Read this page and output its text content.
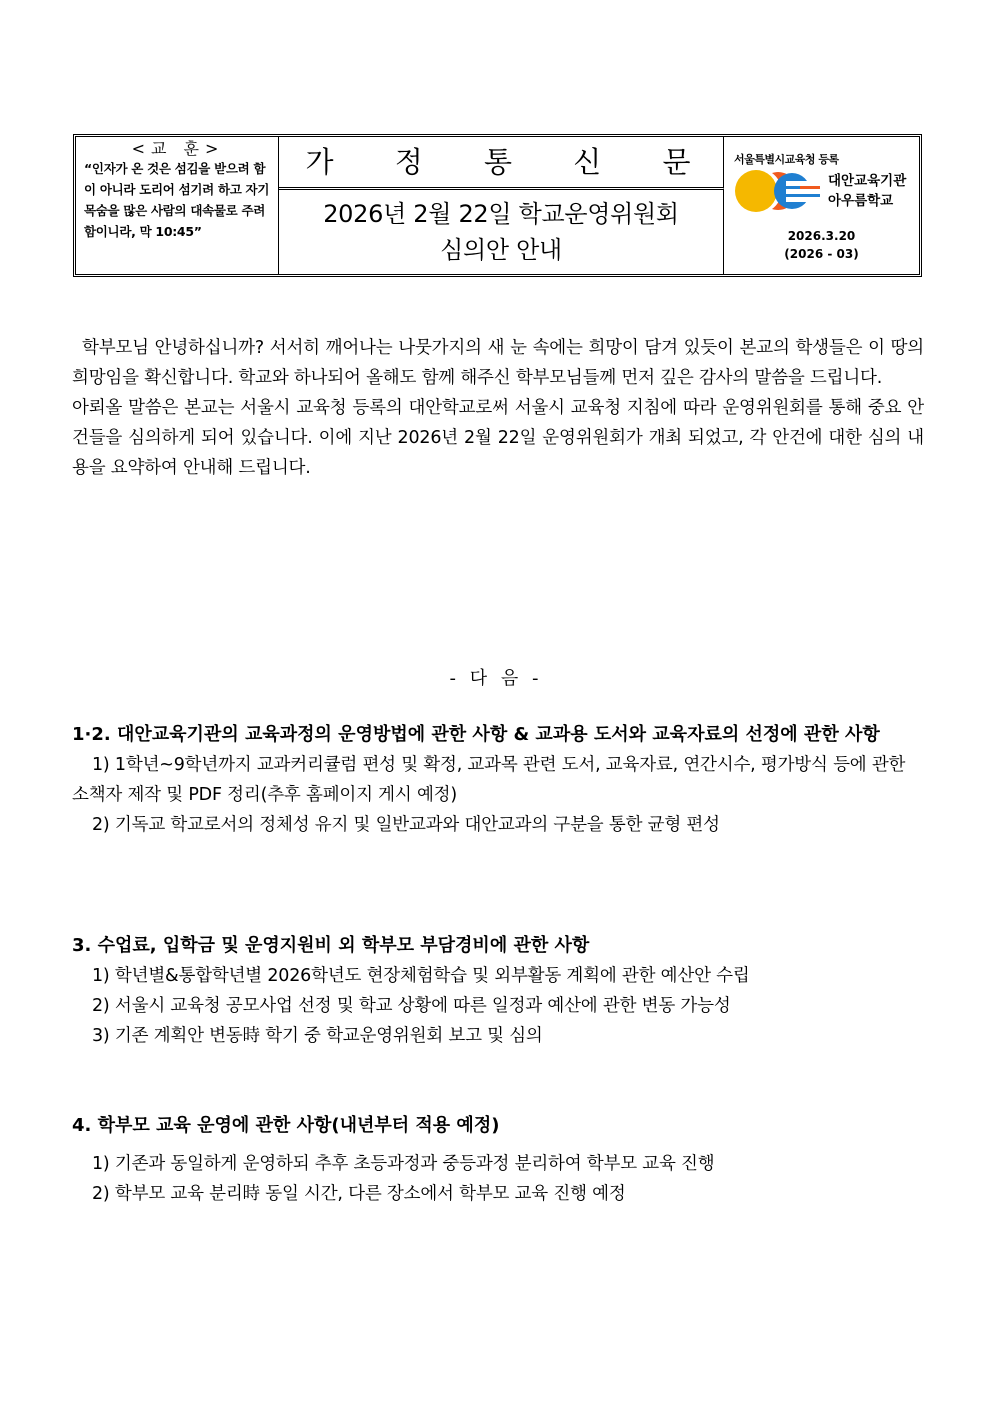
<교 훈>
“인자가 온 것은 섬김을 받으려 함이 아니라 도리어 섬기려 하고 자기 목숨을 많은 사람의 대속물로 주려 함이니라, 막 10:45”
가 정 통 신 문
2026년 2월 22일 학교운영위원회
심의안 안내
서울특별시교육청 등록
대안교육기관
아우름학교
2026.3.20
(2026 - 03)

학부모님 안녕하십니까? 서서히 깨어나는 나뭇가지의 새 눈 속에는 희망이 담겨 있듯이 본교의 학생들은 이 땅의 희망임을 확신합니다. 학교와 하나되어 올해도 함께 해주신 학부모님들께 먼저 깊은 감사의 말씀을 드립니다.

아뢰올 말씀은 본교는 서울시 교육청 등록의 대안학교로써 서울시 교육청 지침에 따라 운영위원회를 통해 중요 안건들을 심의하게 되어 있습니다. 이에 지난 2026년 2월 22일 운영위원회가 개최 되었고, 각 안건에 대한 심의 내용을 요약하여 안내해 드립니다.

- 다 음 -

1·2. 대안교육기관의 교육과정의 운영방법에 관한 사항 & 교과용 도서와 교육자료의 선정에 관한 사항

1) 1학년~9학년까지 교과커리큘럼 편성 및 확정, 교과목 관련 도서, 교육자료, 연간시수, 평가방식 등에 관한 소책자 제작 및 PDF 정리(추후 홈페이지 게시 예정)

2) 기독교 학교로서의 정체성 유지 및 일반교과와 대안교과의 구분을 통한 균형 편성

3. 수업료, 입학금 및 운영지원비 외 학부모 부담경비에 관한 사항

1) 학년별&통합학년별 2026학년도 현장체험학습 및 외부활동 계획에 관한 예산안 수립

2) 서울시 교육청 공모사업 선정 및 학교 상황에 따른 일정과 예산에 관한 변동 가능성

3) 기존 계획안 변동時 학기 중 학교운영위원회 보고 및 심의

4. 학부모 교육 운영에 관한 사항(내년부터 적용 예정)

1) 기존과 동일하게 운영하되 추후 초등과정과 중등과정 분리하여 학부모 교육 진행

2) 학부모 교육 분리時 동일 시간, 다른 장소에서 학부모 교육 진행 예정
